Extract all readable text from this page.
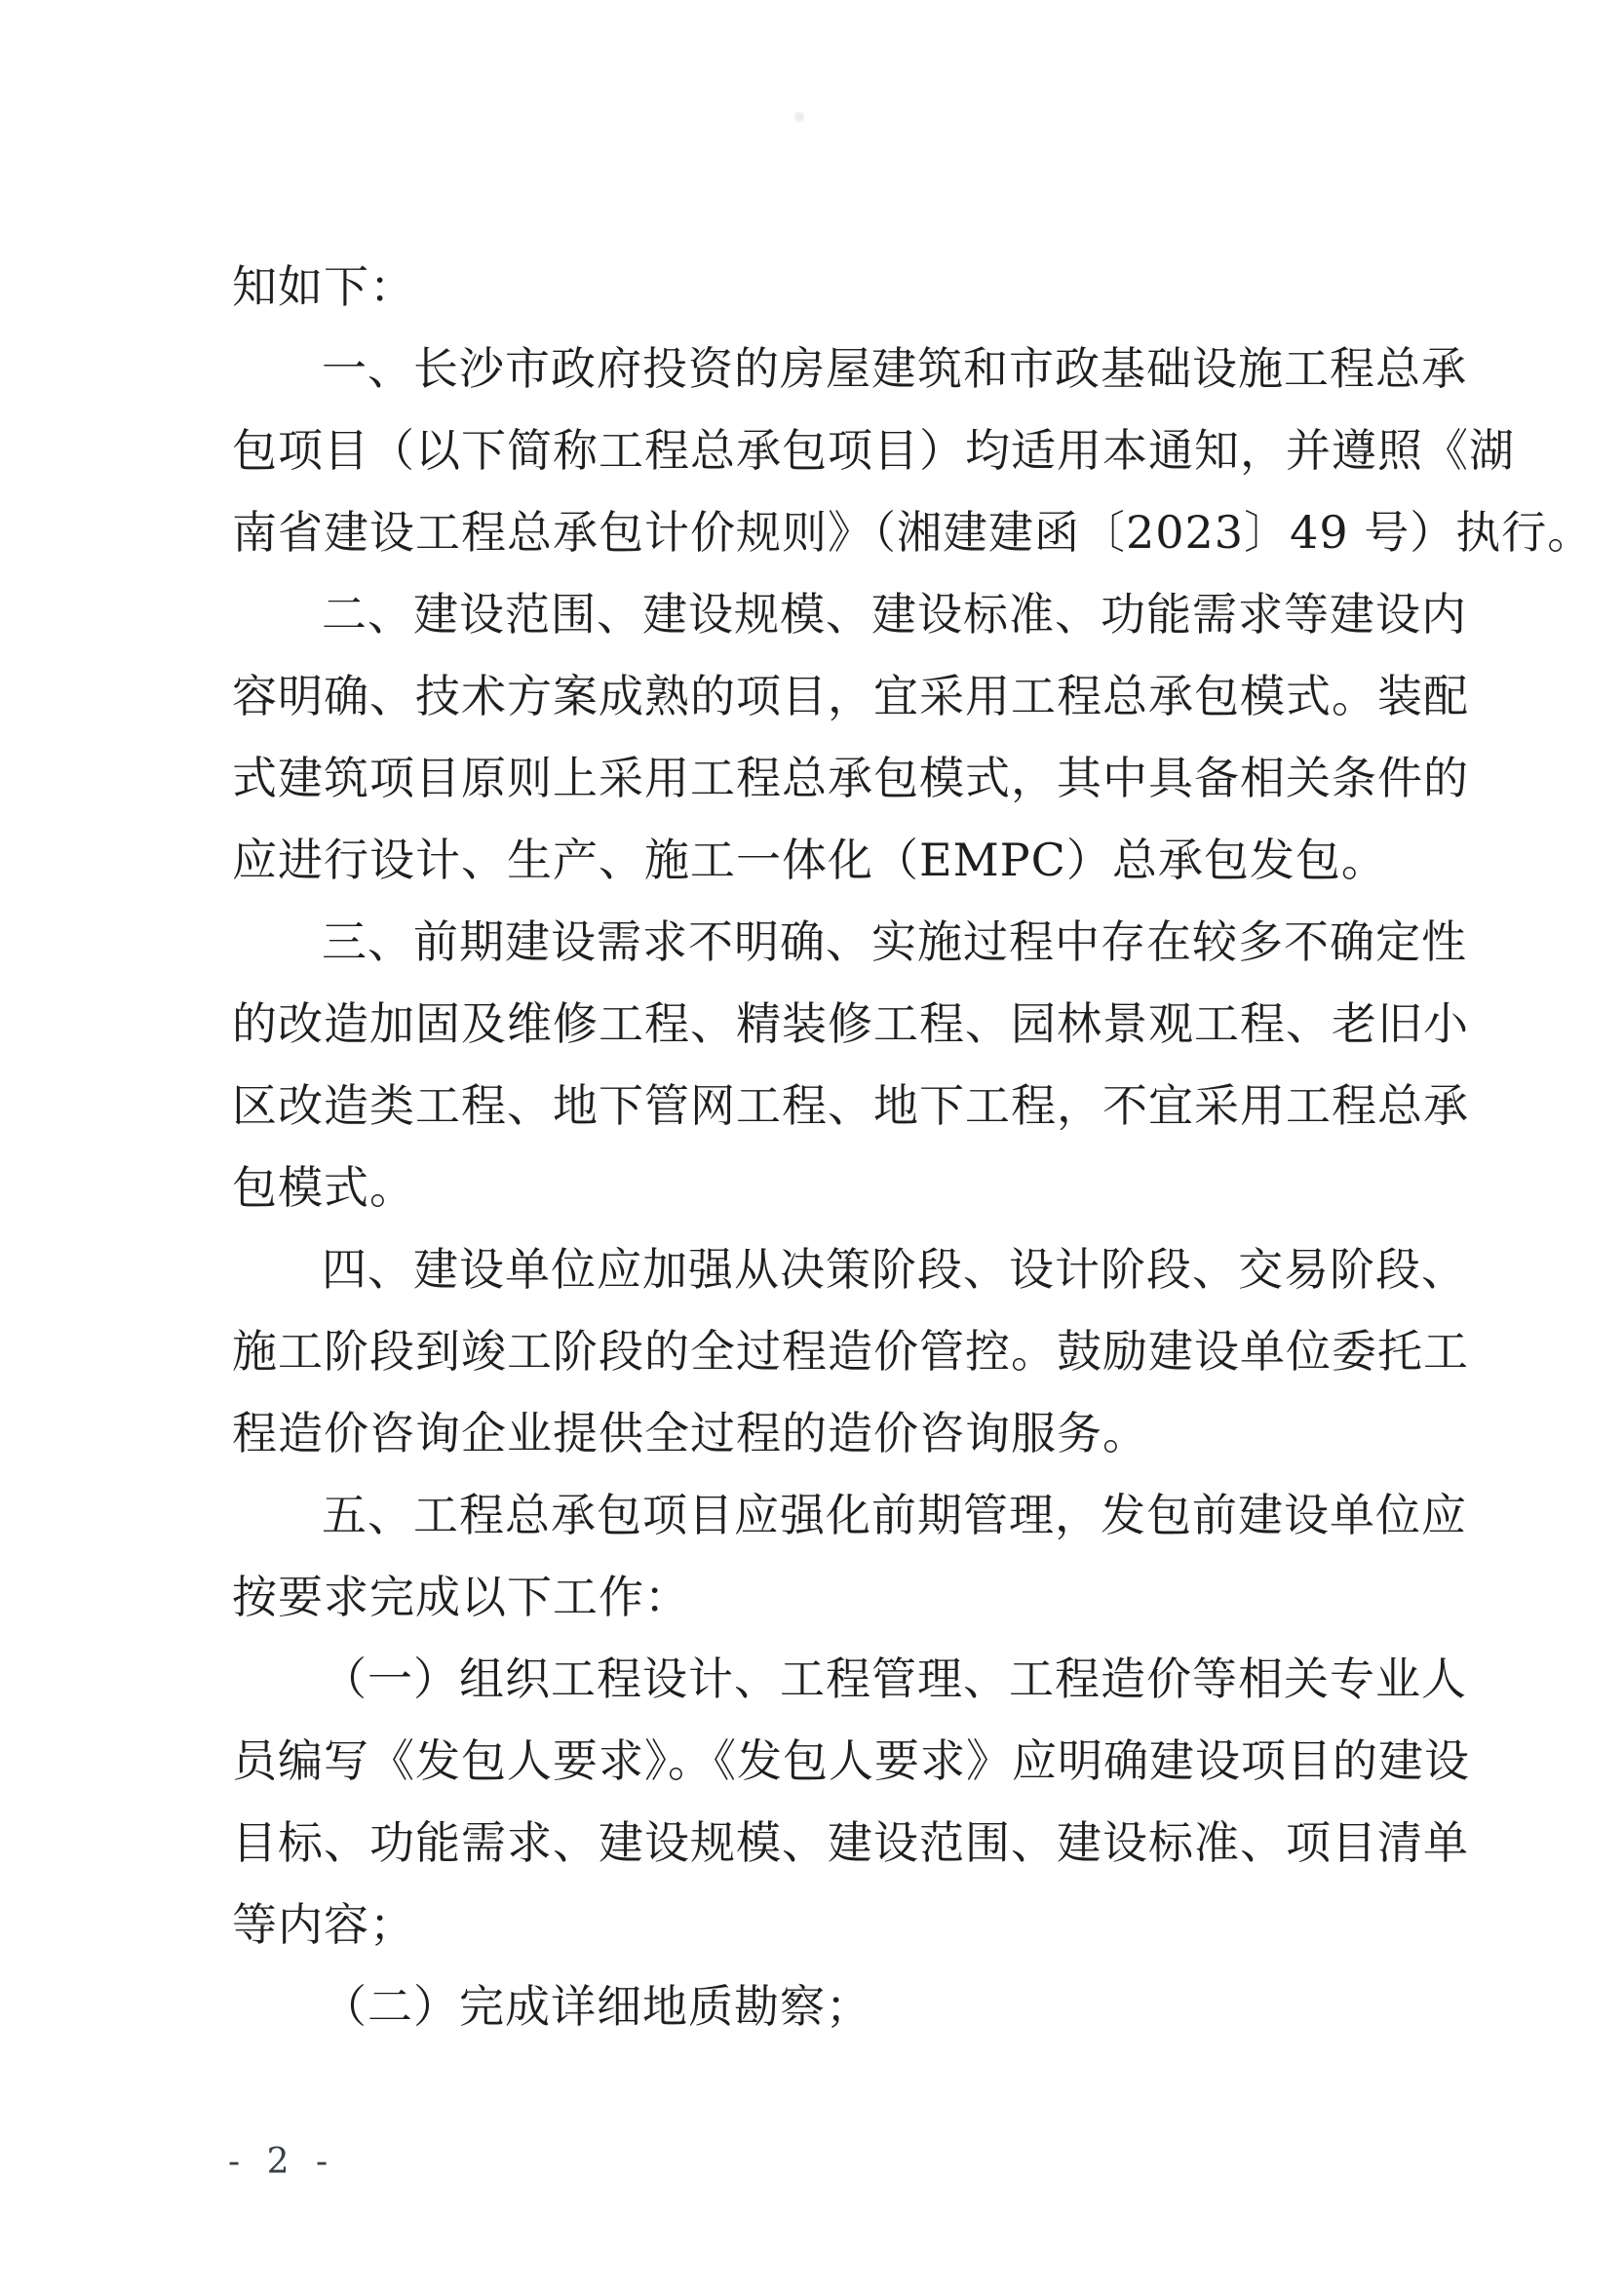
知如下：
一、长沙市政府投资的房屋建筑和市政基础设施工程总承
包项目（以下简称工程总承包项目）均适用本通知，并遵照《湖
南省建设工程总承包计价规则》（湘建建函〔2023〕49 号）执行。
二、建设范围、建设规模、建设标准、功能需求等建设内
容明确、技术方案成熟的项目，宜采用工程总承包模式。装配
式建筑项目原则上采用工程总承包模式，其中具备相关条件的
应进行设计、生产、施工一体化（EMPC）总承包发包。
三、前期建设需求不明确、实施过程中存在较多不确定性
的改造加固及维修工程、精装修工程、园林景观工程、老旧小
区改造类工程、地下管网工程、地下工程，不宜采用工程总承
包模式。
四、建设单位应加强从决策阶段、设计阶段、交易阶段、
施工阶段到竣工阶段的全过程造价管控。鼓励建设单位委托工
程造价咨询企业提供全过程的造价咨询服务。
五、工程总承包项目应强化前期管理，发包前建设单位应
按要求完成以下工作：
（一）组织工程设计、工程管理、工程造价等相关专业人
员编写《发包人要求》。《发包人要求》应明确建设项目的建设
目标、功能需求、建设规模、建设范围、建设标准、项目清单
等内容；
（二）完成详细地质勘察；
- 2 -
